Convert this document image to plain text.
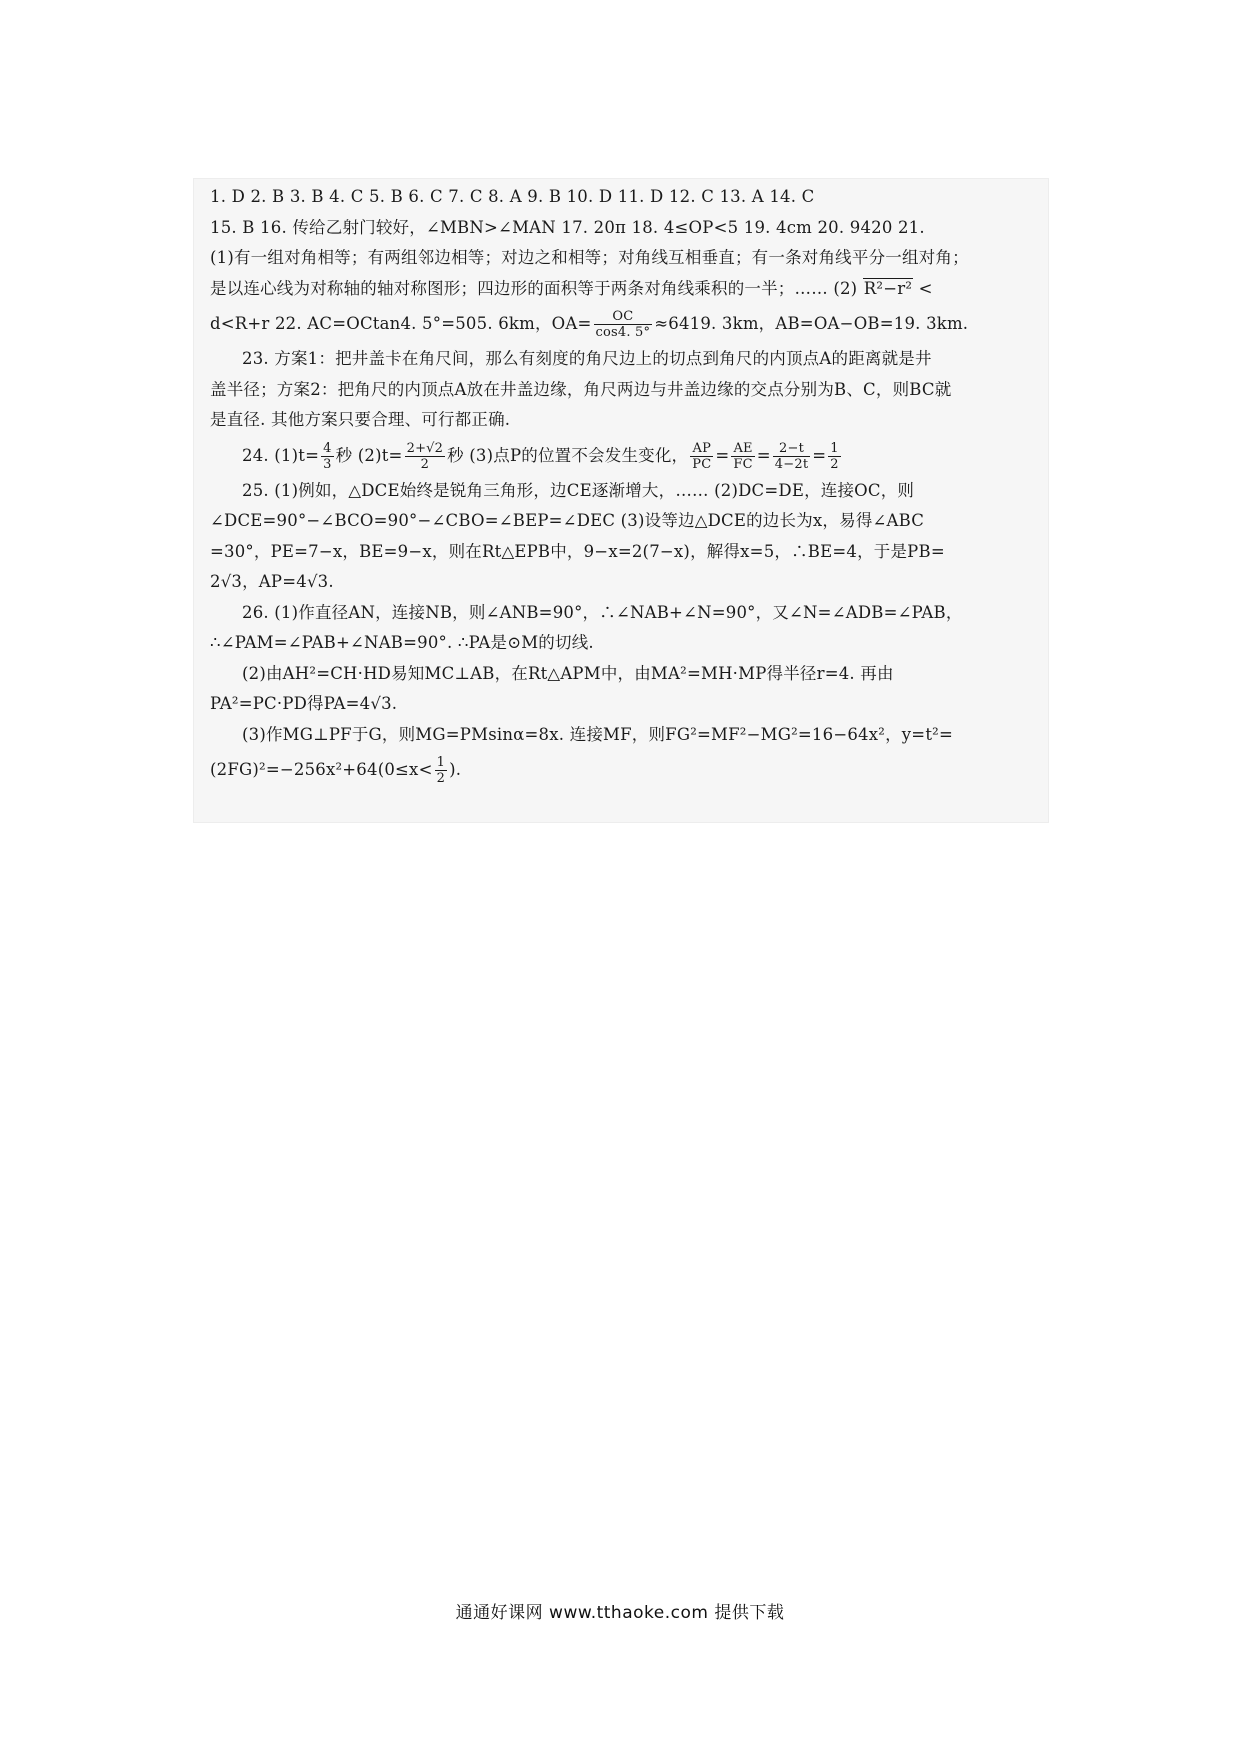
1. D 2. B 3. B 4. C 5. B 6. C 7. C 8. A 9. B 10. D 11. D 12. C 13. A 14. C
15. B 16. 传给乙射门较好，∠MBN>∠MAN 17. 20π 18. 4≤OP<5 19. 4cm 20. 9420 21.
(1)有一组对角相等；有两组邻边相等；对边之和相等；对角线互相垂直；有一条对角线平分一组对角；
是以连心线为对称轴的轴对称图形；四边形的面积等于两条对角线乘积的一半；…… (2) R²−r² <
d<R+r 22. AC=OCtan4. 5°=505. 6km，$OA= \frac{OC}{\cos 4. 5^\circ} \approx 6419$. 3km，AB=OA−OB=19. 3km.
23. 方案1：把井盖卡在角尺间，那么有刻度的角尺边上的切点到角尺的内顶点A的距离就是井
盖半径；方案2：把角尺的内顶点A放在井盖边缘，角尺两边与井盖边缘的交点分别为B、C，则BC就
是直径. 其他方案只要合理、可行都正确.
24. $(1)t= \frac{4}{3}$ 秒 $(2)t= \frac{2+√2}{2}$ 秒 (3)点P的位置不会发生变化， $\frac{AP}{PC} = \frac{AE}{FC} = \frac{2-t}{4-2t} = \frac{1}{2}$
25. (1)例如，△DCE始终是锐角三角形，边CE逐渐增大，…… (2)DC=DE，连接OC，则
∠DCE=90°−∠BCO=90°−∠CBO=∠BEP=∠DEC (3)设等边△DCE的边长为x，易得∠ABC
=30°，PE=7−x，BE=9−x，则在Rt△EPB中，9−x=2(7−x)，解得x=5，∴BE=4，于是PB=
2√3，AP=4√3.
26. (1)作直径AN，连接NB，则∠ANB=90°，∴∠NAB+∠N=90°，又∠N=∠ADB=∠PAB，
∴∠PAM=∠PAB+∠NAB=90°. ∴PA是⊙M的切线.
(2)由AH²=CH·HD易知MC⊥AB，在Rt△APM中，由MA²=MH·MP得半径r=4. 再由
PA²=PC·PD得PA=4√3.
(3)作MG⊥PF于G，则MG=PMsinα=8x. 连接MF，则FG²=MF²−MG²=16−64x²，y=t²=
$(2FG)^2=-256x^2+64(0\le x< \frac{1}{2}$ ).
通通好课网 www.tthaoke.com 提供下载
